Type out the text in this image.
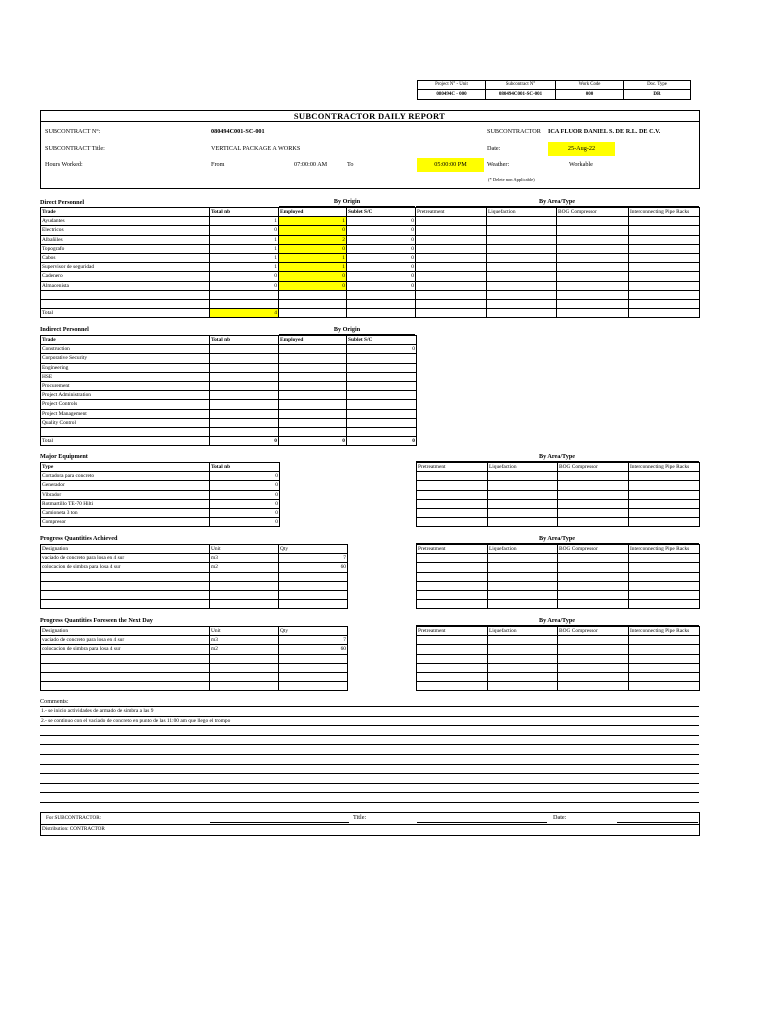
Project N° - Unit	Subcontract N°	Work Code	Doc. Type
080494C - 000	080494C001-SC-001	000	DR
SUBCONTRACTOR DAILY REPORT
SUBCONTRACT N°:	080494C001-SC-001	SUBCONTRACTOR ICA FLUOR DANIEL S. DE R.L. DE C.V.
SUBCONTRACT Title:	VERTICAL PACKAGE A WORKS	Date:	25-Aug-22
Hours Worked:	From	07:00:00 AM	To	05:00:00 PM	Weather:	Workable
(* Delete non Applicable)
Direct Personnel	By Origin	By Area/Type
Trade	Total nb	Employed	Sublet S/C	Pretreatment	Liquefaction	BOG Compressor	Interconnecting Pipe Racks
Ayudantes	1	1	0				
Electricos	0	0	0				
Albañiles	1	2	0				
Topografo	1	0	0				
Cabos	1	1	0				
Supervisor de seguridad	1	1	0				
Cadenero	0	0	0				
Almacenista	0	0	0				

Total	4						
Indirect Personnel	By Origin
Trade	Total nb	Employed	Sublet S/C
Construction			0
Corporative Security			
Engineering			
HSE			
Procurement			
Project Administration			
Project Controls			
Project Management			
Quality Control			

Total	0	0	0
Major Equipment	By Area/Type
Type	Total nb
Cortadora para concreto	0
Generador	0
Vibrador	0
Rotmartillo TE-70 Hilti	0
Camioneta 3 ton	0
Compresor	0
Pretreatment	Liquefaction	BOG Compressor	Interconnecting Pipe Racks

Progress Quantities Achieved	By Area/Type
Designation	Unit	Qty
vaciado de concreto para losa en 4 sur	m3	7
colocacion de simbra para losa 4 sur	m2	60

Pretreatment	Liquefaction	BOG Compressor	Interconnecting Pipe Racks

Progress Quantities Foreseen the Next Day	By Area/Type
Designation	Unit	Qty
vaciado de concreto para losa en 4 sur	m3	7
colocacion de simbra para losa 4 sur	m2	60

Pretreatment	Liquefaction	BOG Compressor	Interconnecting Pipe Racks

Comments:
1.- se inicio actividades de armado de simbra a las 9
2.- se continuo con el vaciado de concreto en punto de las 11:00 am que llego el trompo

For SUBCONTRACTOR:	Title:	Date:
Distribution: CONTRACTOR
